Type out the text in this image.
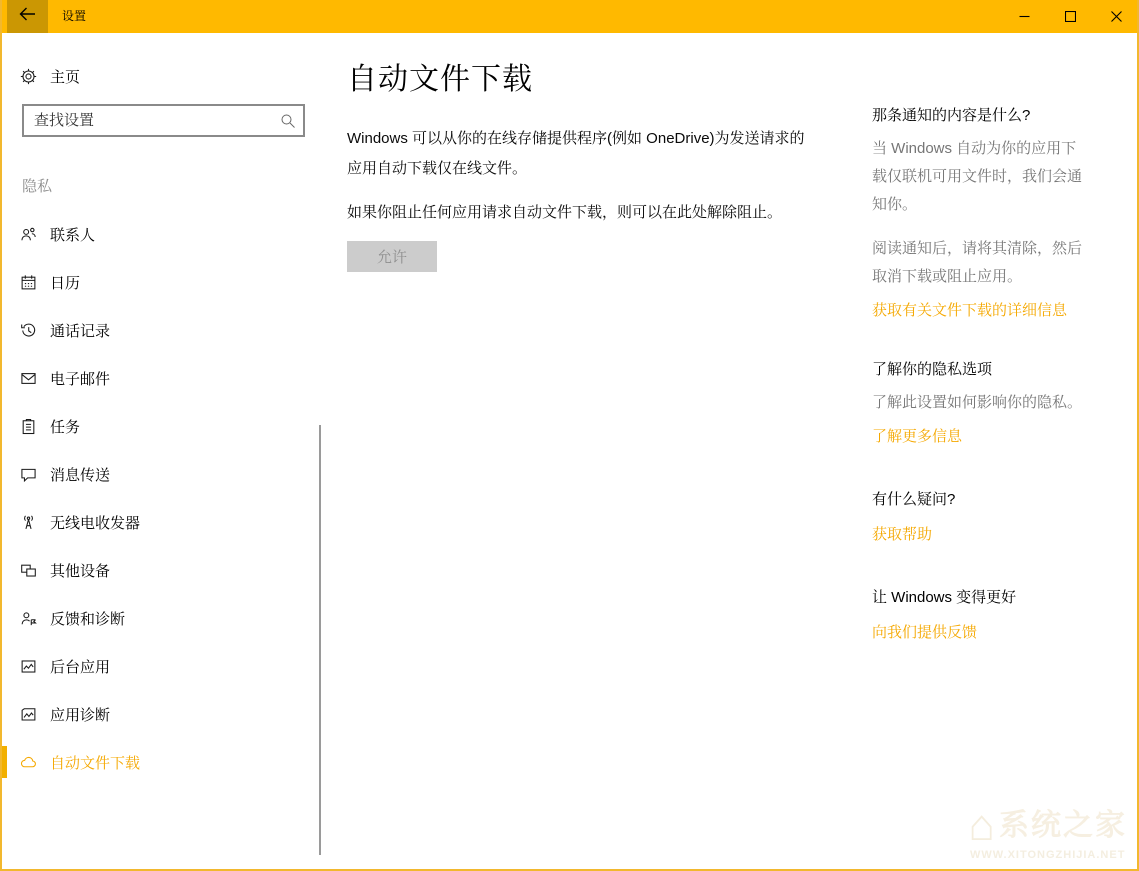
设置
主页
查找设置
隐私
联系人
日历
通话记录
电子邮件
任务
消息传送
无线电收发器
其他设备
反馈和诊断
后台应用
应用诊断
自动文件下载
自动文件下载

Windows 可以从你的在线存储提供程序(例如 OneDrive)为发送请求的应用自动下载仅在线文件。

如果你阻止任何应用请求自动文件下载，则可以在此处解除阻止。

允许
那条通知的内容是什么?
当 Windows 自动为你的应用下载仅联机可用文件时，我们会通知你。
阅读通知后，请将其清除，然后取消下载或阻止应用。
获取有关文件下载的详细信息
了解你的隐私选项
了解此设置如何影响你的隐私。
了解更多信息
有什么疑问?
获取帮助
让 Windows 变得更好
向我们提供反馈
⌂ 系统之家
WWW.XITONGZHIJIA.NET
